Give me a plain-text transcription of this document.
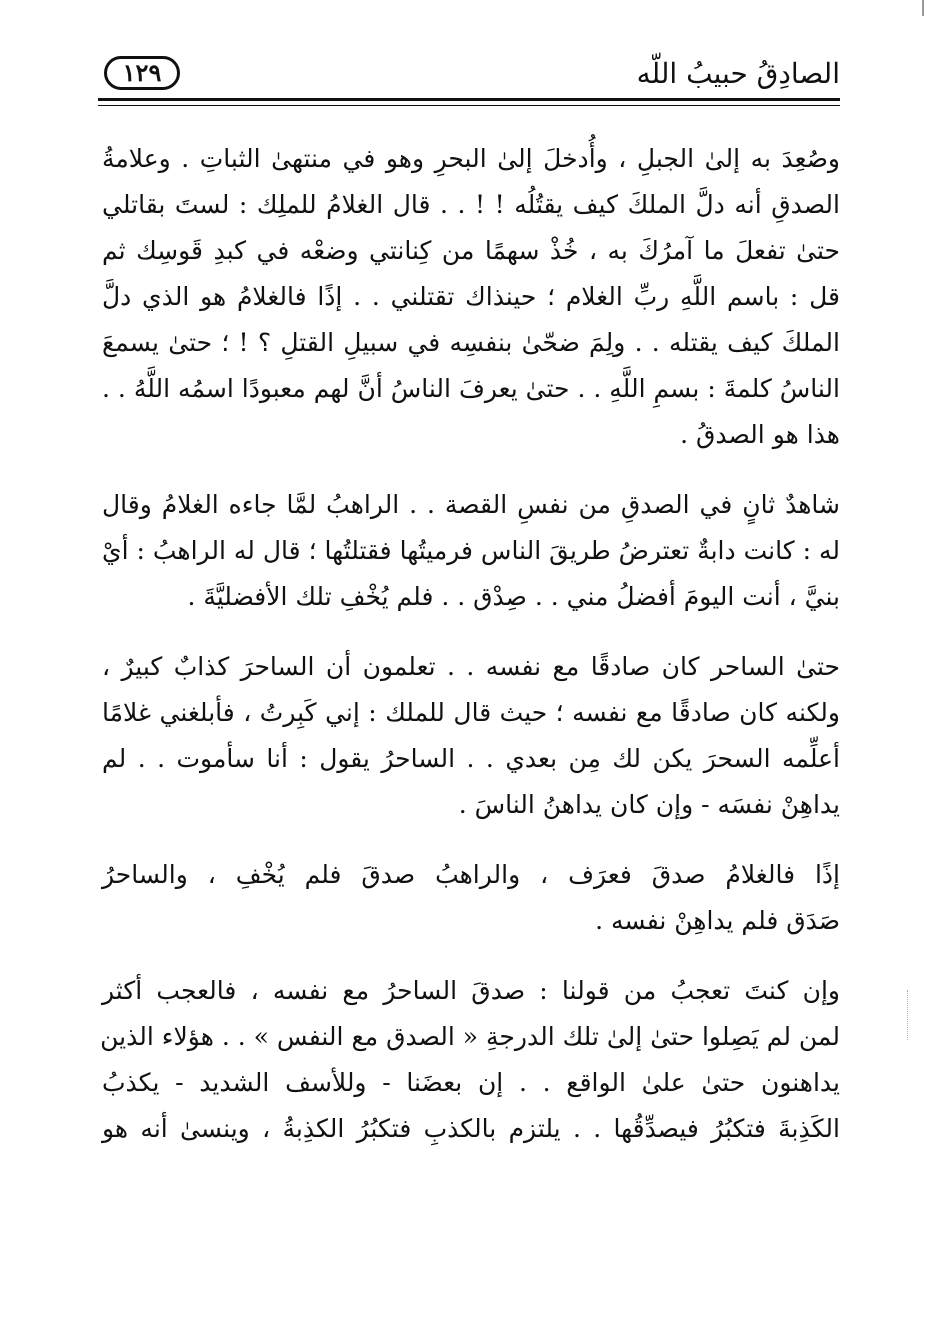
الصادِقُ حبيبُ اللّه
١٢٩
وصُعِدَ به إلىٰ الجبلِ ، وأُدخلَ إلىٰ البحرِ وهو في منتهىٰ الثباتِ . وعلامةُ
الصدقِ أنه دلَّ الملكَ كيف يقتُلُه ! ! . . قال الغلامُ للملِك : لستَ بقاتلي
حتىٰ تفعلَ ما آمرُكَ به ، خُذْ سهمًا من كِنانتي وضعْه في كبدِ قَوسِك ثم
قل : باسم اللَّهِ ربِّ الغلام ؛ حينذاك تقتلني . . إذًا فالغلامُ هو الذي دلَّ
الملكَ كيف يقتله . . ولِمَ ضحّىٰ بنفسِه في سبيلِ القتلِ ؟ ! ؛ حتىٰ يسمعَ
الناسُ كلمةَ : بسمِ اللَّهِ . . حتىٰ يعرفَ الناسُ أنَّ لهم معبودًا اسمُه اللَّهُ . .
هذا هو الصدقُ .
شاهدٌ ثانٍ في الصدقِ من نفسِ القصة . . الراهبُ لمَّا جاءه الغلامُ وقال
له : كانت دابةٌ تعترضُ طريقَ الناس فرميتُها فقتلتُها ؛ قال له الراهبُ : أيْ
بنيَّ ، أنت اليومَ أفضلُ مني . . صِدْق . . فلم يُخْفِ تلك الأفضليَّةَ .
حتىٰ الساحر كان صادقًا مع نفسه . . تعلمون أن الساحرَ كذابٌ كبيرٌ ،
ولكنه كان صادقًا مع نفسه ؛ حيث قال للملك : إني كَبِرتُ ، فأبلغني غلامًا
أعلِّمه السحرَ يكن لك مِن بعدي . . الساحرُ يقول : أنا سأموت . . لم
يداهِنْ نفسَه - وإن كان يداهنُ الناسَ .
إذًا فالغلامُ صدقَ فعرَف ، والراهبُ صدقَ فلم يُخْفِ ، والساحرُ
صَدَق فلم يداهِنْ نفسه .
وإن كنتَ تعجبُ من قولنا : صدقَ الساحرُ مع نفسه ، فالعجب أكثر
لمن لم يَصِلوا حتىٰ إلىٰ تلك الدرجةِ « الصدق مع النفس » . . هؤلاء الذين
يداهنون حتىٰ علىٰ الواقع . . إن بعضَنا - وللأسف الشديد - يكذبُ
الكَذِبةَ فتكبُرُ فيصدِّقُها . . يلتزم بالكذبِ فتكبُرُ الكذِبةُ ، وينسىٰ أنه هو
